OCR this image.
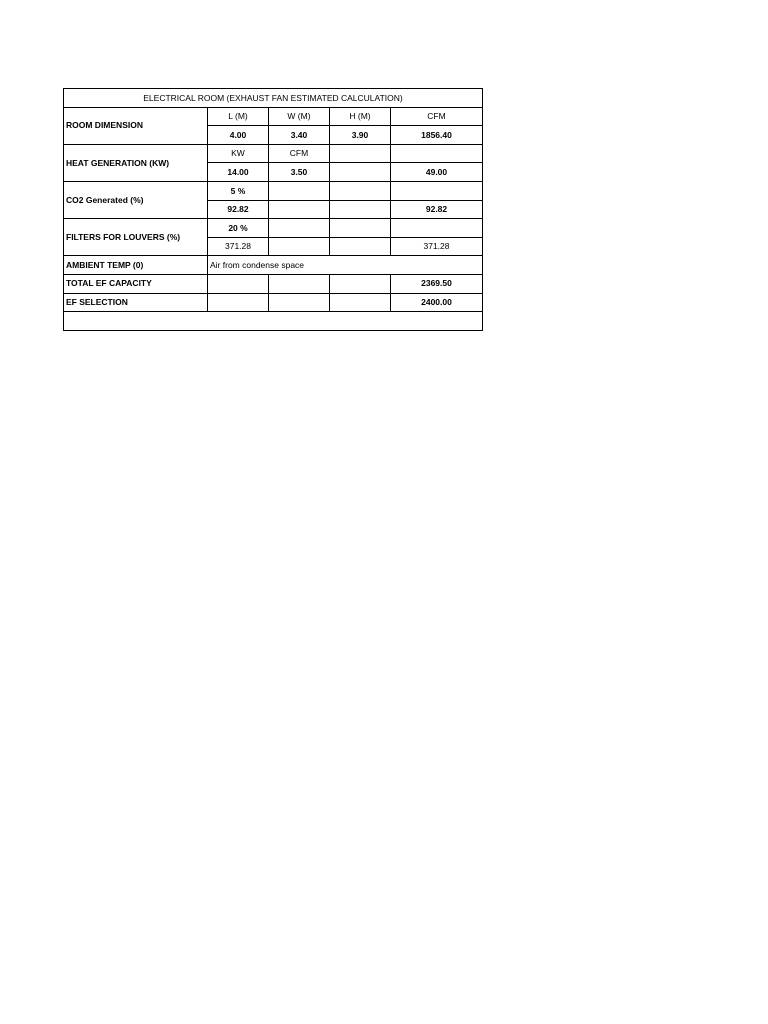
ELECTRICAL ROOM (EXHAUST FAN ESTIMATED CALCULATION)				
ROOM DIMENSION	L (M)	W (M)	H (M)	CFM
	4.00	3.40	3.90	1856.40
HEAT GENERATION (KW)	KW	CFM		
	14.00	3.50		49.00
CO2 Generated (%)	5 %			
	92.82			92.82
FILTERS FOR LOUVERS (%)	20 %			
	371.28			371.28
AMBIENT TEMP (0)	Air from condense space			
TOTAL EF CAPACITY				2369.50
EF SELECTION				2400.00
